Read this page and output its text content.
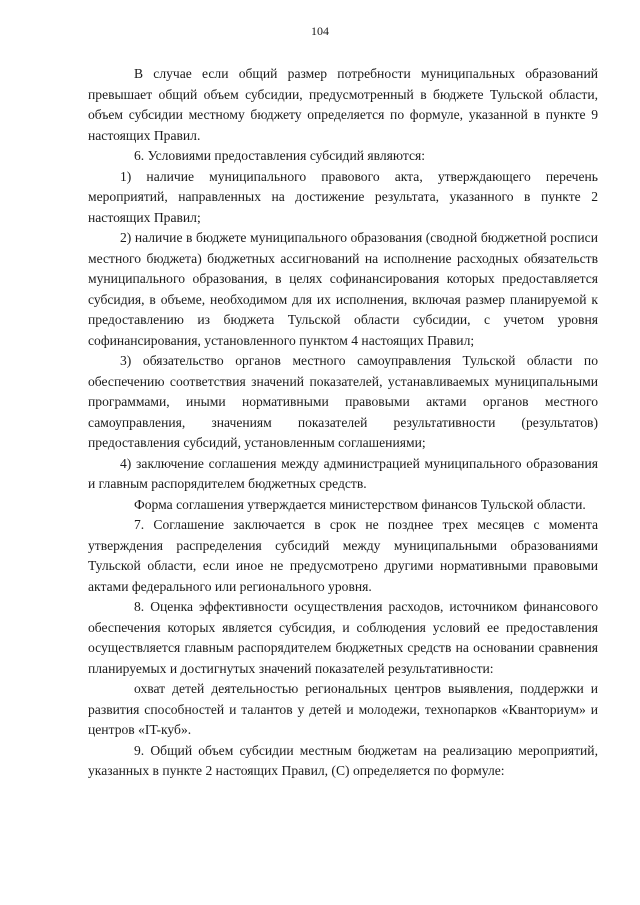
104

В случае если общий размер потребности муниципальных образований превышает общий объем субсидии, предусмотренный в бюджете Тульской области, объем субсидии местному бюджету определяется по формуле, указанной в пункте 9 настоящих Правил.

6. Условиями предоставления субсидий являются:

1) наличие муниципального правового акта, утверждающего перечень мероприятий, направленных на достижение результата, указанного в пункте 2 настоящих Правил;

2) наличие в бюджете муниципального образования (сводной бюджетной росписи местного бюджета) бюджетных ассигнований на исполнение расходных обязательств муниципального образования, в целях софинансирования которых предоставляется субсидия, в объеме, необходимом для их исполнения, включая размер планируемой к предоставлению из бюджета Тульской области субсидии, с учетом уровня софинансирования, установленного пунктом 4 настоящих Правил;

3) обязательство органов местного самоуправления Тульской области по обеспечению соответствия значений показателей, устанавливаемых муниципальными программами, иными нормативными правовыми актами органов местного самоуправления, значениям показателей результативности (результатов) предоставления субсидий, установленным соглашениями;

4) заключение соглашения между администрацией муниципального образования и главным распорядителем бюджетных средств.

Форма соглашения утверждается министерством финансов Тульской области.

7. Соглашение заключается в срок не позднее трех месяцев с момента утверждения распределения субсидий между муниципальными образованиями Тульской области, если иное не предусмотрено другими нормативными правовыми актами федерального или регионального уровня.

8. Оценка эффективности осуществления расходов, источником финансового обеспечения которых является субсидия, и соблюдения условий ее предоставления осуществляется главным распорядителем бюджетных средств на основании сравнения планируемых и достигнутых значений показателей результативности:

охват детей деятельностью региональных центров выявления, поддержки и развития способностей и талантов у детей и молодежи, технопарков «Кванториум» и центров «IT-куб».

9. Общий объем субсидии местным бюджетам на реализацию мероприятий, указанных в пункте 2 настоящих Правил, (С) определяется по формуле:
